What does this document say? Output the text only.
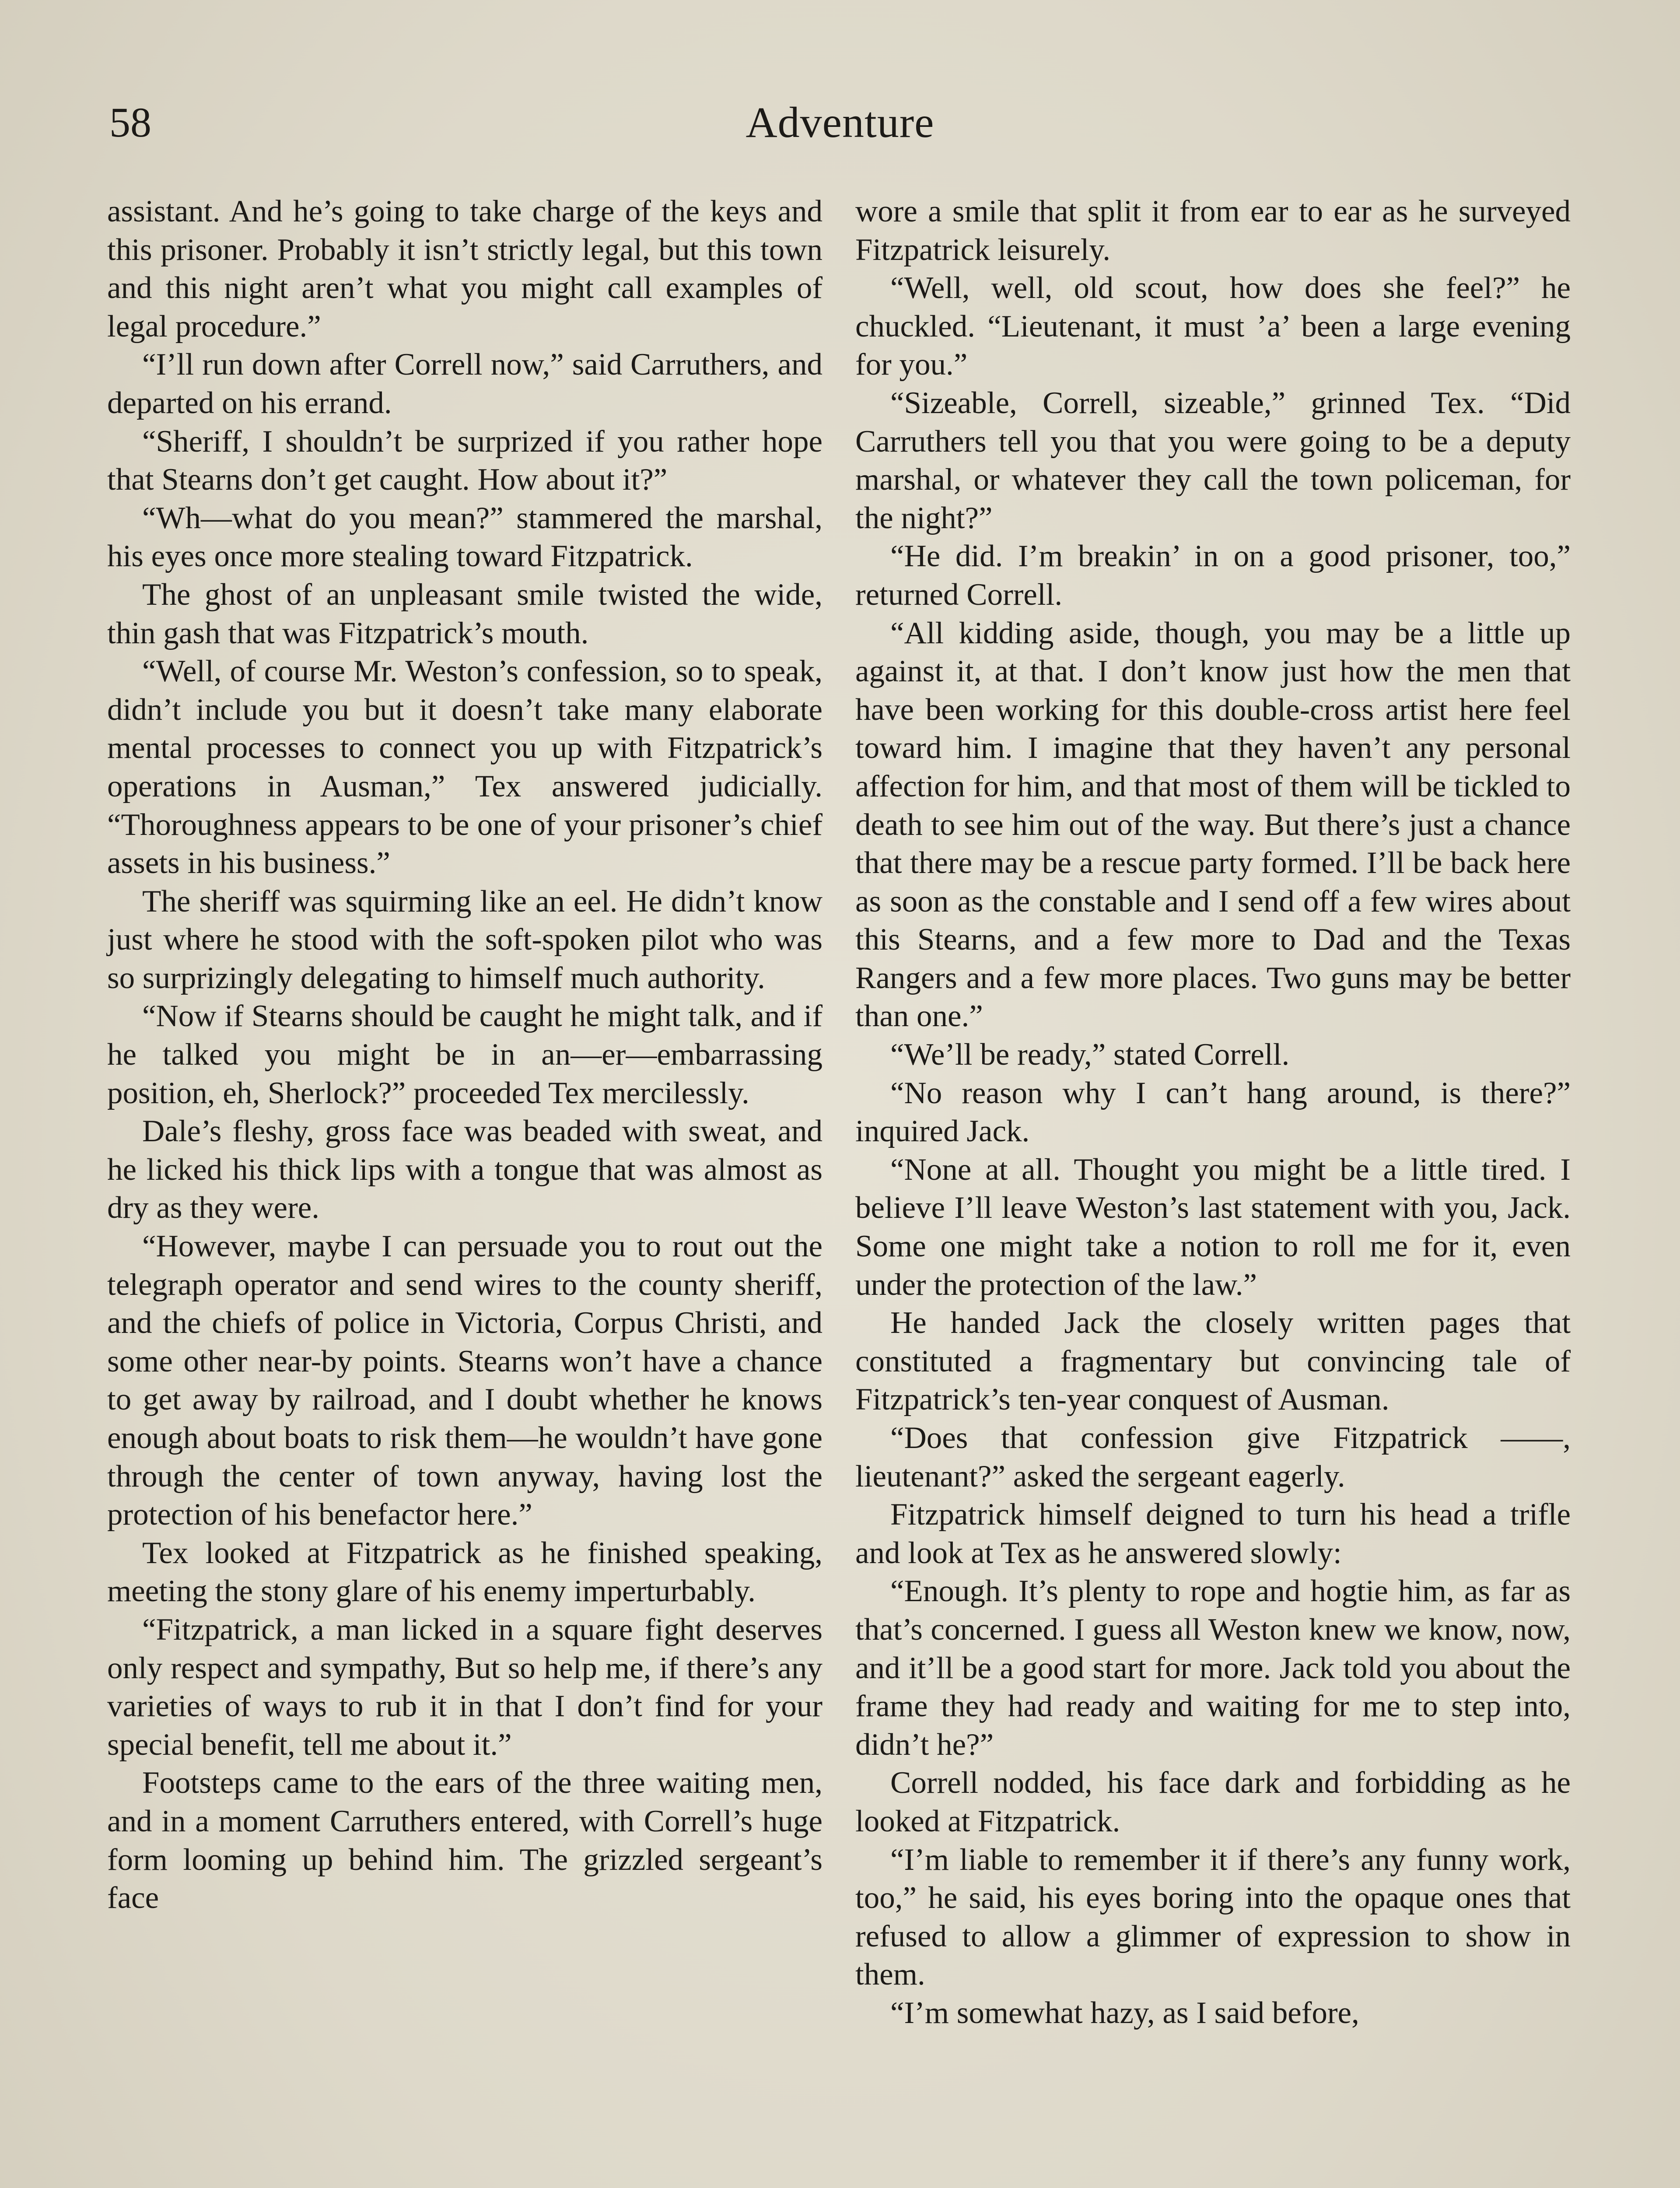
58	Adventure

assistant. And he’s going to take charge of the keys and this prisoner. Probably it isn’t strictly legal, but this town and this night aren’t what you might call examples of legal procedure.”

“I’ll run down after Correll now,” said Carruthers, and departed on his errand.

“Sheriff, I shouldn’t be surprized if you rather hope that Stearns don’t get caught. How about it?”

“Wh—what do you mean?” stammered the marshal, his eyes once more stealing toward Fitzpatrick.

The ghost of an unpleasant smile twisted the wide, thin gash that was Fitzpatrick’s mouth.

“Well, of course Mr. Weston’s confession, so to speak, didn’t include you but it doesn’t take many elaborate mental processes to connect you up with Fitzpatrick’s operations in Ausman,” Tex answered judicially. “Thoroughness appears to be one of your prisoner’s chief assets in his business.”

The sheriff was squirming like an eel. He didn’t know just where he stood with the soft-spoken pilot who was so surprizingly delegating to himself much authority.

“Now if Stearns should be caught he might talk, and if he talked you might be in an—er—embarrassing position, eh, Sherlock?” proceeded Tex mercilessly.

Dale’s fleshy, gross face was beaded with sweat, and he licked his thick lips with a tongue that was almost as dry as they were.

“However, maybe I can persuade you to rout out the telegraph operator and send wires to the county sheriff, and the chiefs of police in Victoria, Corpus Christi, and some other near-by points. Stearns won’t have a chance to get away by railroad, and I doubt whether he knows enough about boats to risk them—he wouldn’t have gone through the center of town anyway, having lost the protection of his benefactor here.”

Tex looked at Fitzpatrick as he finished speaking, meeting the stony glare of his enemy imperturbably.

“Fitzpatrick, a man licked in a square fight deserves only respect and sympathy, But so help me, if there’s any varieties of ways to rub it in that I don’t find for your special benefit, tell me about it.”

Footsteps came to the ears of the three waiting men, and in a moment Carruthers entered, with Correll’s huge form looming up behind him. The grizzled sergeant’s face

wore a smile that split it from ear to ear as he surveyed Fitzpatrick leisurely.

“Well, well, old scout, how does she feel?” he chuckled. “Lieutenant, it must ’a’ been a large evening for you.”

“Sizeable, Correll, sizeable,” grinned Tex. “Did Carruthers tell you that you were going to be a deputy marshal, or whatever they call the town policeman, for the night?”

“He did. I’m breakin’ in on a good prisoner, too,” returned Correll.

“All kidding aside, though, you may be a little up against it, at that. I don’t know just how the men that have been working for this double-cross artist here feel toward him. I imagine that they haven’t any personal affection for him, and that most of them will be tickled to death to see him out of the way. But there’s just a chance that there may be a rescue party formed. I’ll be back here as soon as the constable and I send off a few wires about this Stearns, and a few more to Dad and the Texas Rangers and a few more places. Two guns may be better than one.”

“We’ll be ready,” stated Correll.

“No reason why I can’t hang around, is there?” inquired Jack.

“None at all. Thought you might be a little tired. I believe I’ll leave Weston’s last statement with you, Jack. Some one might take a notion to roll me for it, even under the protection of the law.”

He handed Jack the closely written pages that constituted a fragmentary but convincing tale of Fitzpatrick’s ten-year conquest of Ausman.

“Does that confession give Fitzpatrick ——, lieutenant?” asked the sergeant eagerly.

Fitzpatrick himself deigned to turn his head a trifle and look at Tex as he answered slowly:

“Enough. It’s plenty to rope and hogtie him, as far as that’s concerned. I guess all Weston knew we know, now, and it’ll be a good start for more. Jack told you about the frame they had ready and waiting for me to step into, didn’t he?”

Correll nodded, his face dark and forbidding as he looked at Fitzpatrick.

“I’m liable to remember it if there’s any funny work, too,” he said, his eyes boring into the opaque ones that refused to allow a glimmer of expression to show in them.

“I’m somewhat hazy, as I said before,
